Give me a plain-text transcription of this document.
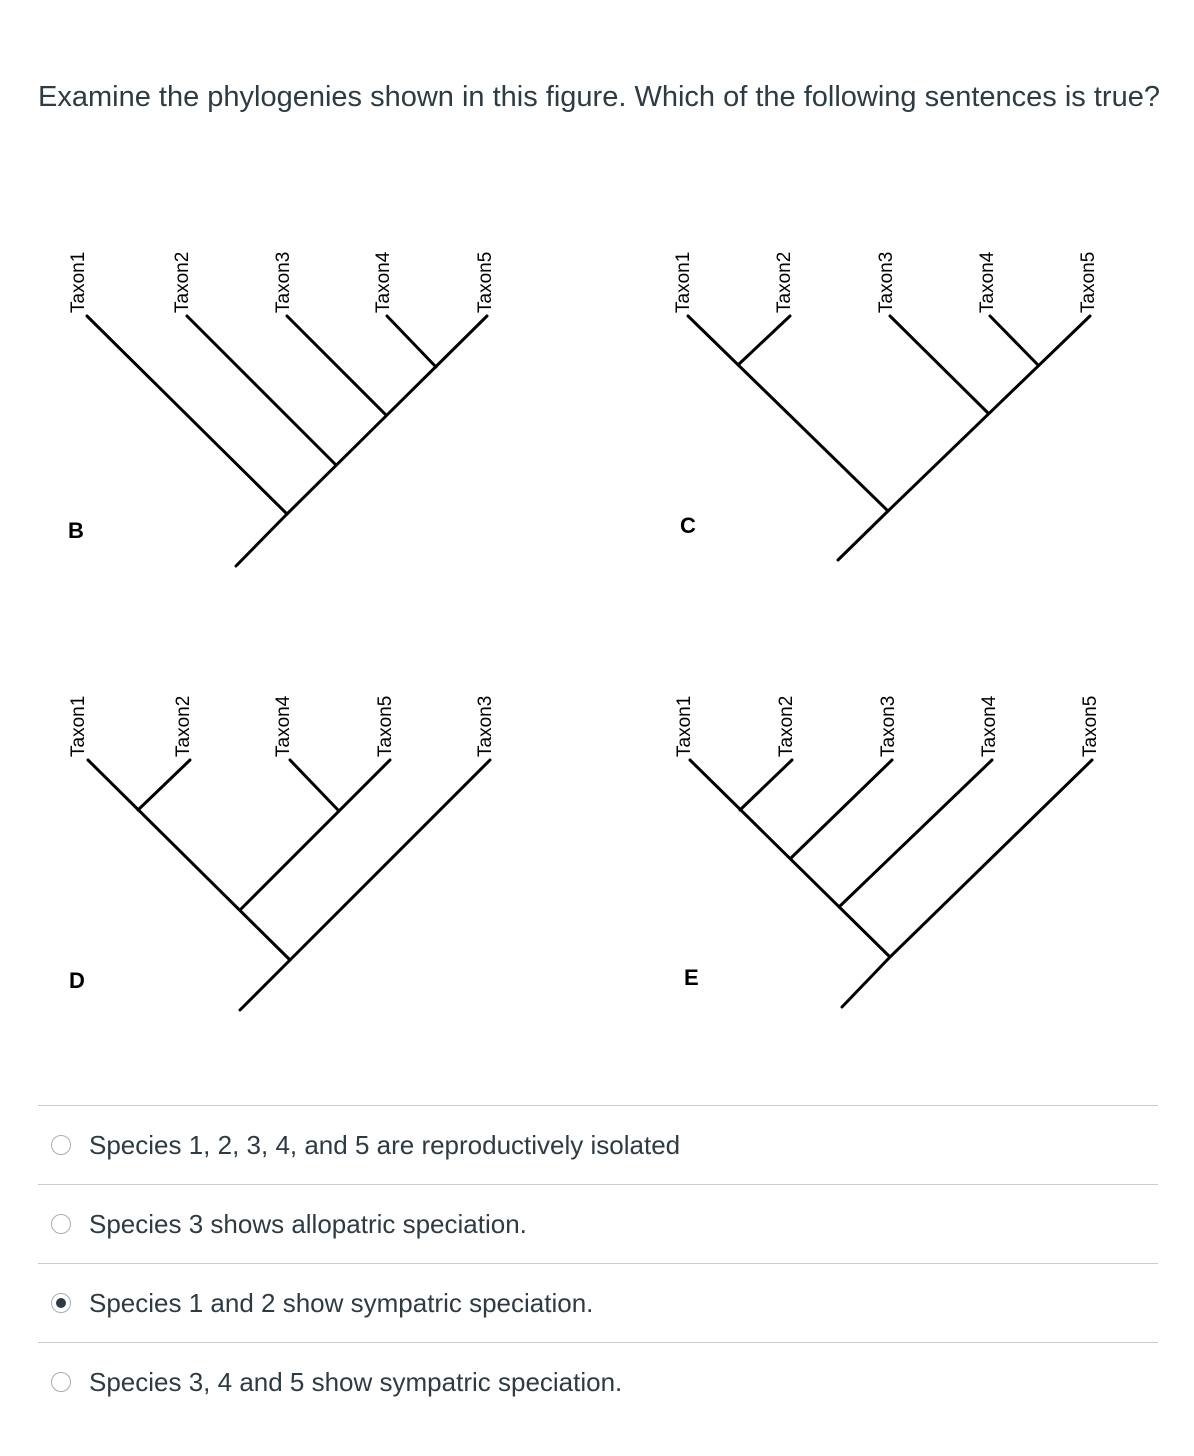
Examine the phylogenies shown in this figure. Which of the following sentences is true?

Taxon1	Taxon2	Taxon3	Taxon4	Taxon5
B
Taxon1	Taxon2	Taxon3	Taxon4	Taxon5
C
Taxon1	Taxon2	Taxon4	Taxon5	Taxon3
D
Taxon1	Taxon2	Taxon3	Taxon4	Taxon5
E
Species 1, 2, 3, 4, and 5 are reproductively isolated
Species 3 shows allopatric speciation.
Species 1 and 2 show sympatric speciation.
Species 3, 4 and 5 show sympatric speciation.
